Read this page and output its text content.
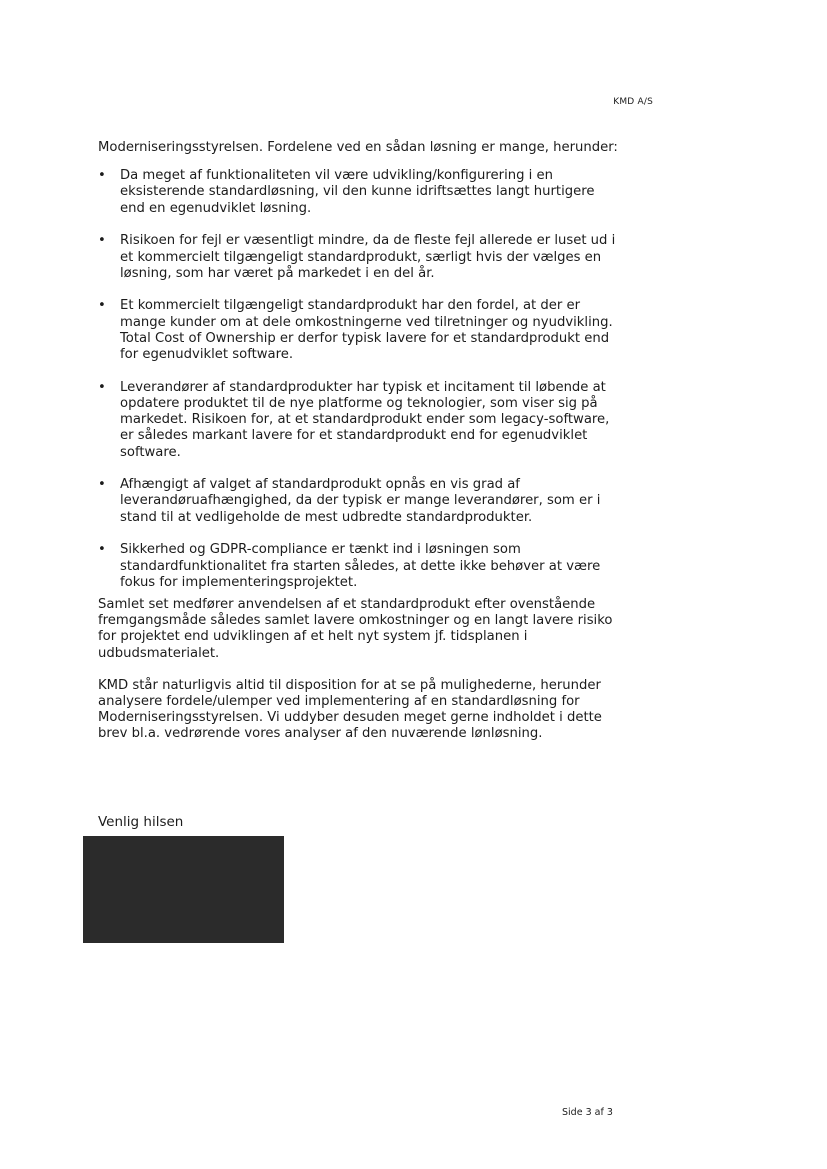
KMD A/S

Moderniseringsstyrelsen. Fordelene ved en sådan løsning er mange, herunder:

• Da meget af funktionaliteten vil være udvikling/konfigurering i en eksisterende standardløsning, vil den kunne idriftsættes langt hurtigere end en egenudviklet løsning.
• Risikoen for fejl er væsentligt mindre, da de fleste fejl allerede er luset ud i et kommercielt tilgængeligt standardprodukt, særligt hvis der vælges en løsning, som har været på markedet i en del år.
• Et kommercielt tilgængeligt standardprodukt har den fordel, at der er mange kunder om at dele omkostningerne ved tilretninger og nyudvikling. Total Cost of Ownership er derfor typisk lavere for et standardprodukt end for egenudviklet software.
• Leverandører af standardprodukter har typisk et incitament til løbende at opdatere produktet til de nye platforme og teknologier, som viser sig på markedet. Risikoen for, at et standardprodukt ender som legacy-software, er således markant lavere for et standardprodukt end for egenudviklet software.
• Afhængigt af valget af standardprodukt opnås en vis grad af leverandøruafhængighed, da der typisk er mange leverandører, som er i stand til at vedligeholde de mest udbredte standardprodukter.
• Sikkerhed og GDPR-compliance er tænkt ind i løsningen som standardfunktionalitet fra starten således, at dette ikke behøver at være fokus for implementeringsprojektet.

Samlet set medfører anvendelsen af et standardprodukt efter ovenstående fremgangsmåde således samlet lavere omkostninger og en langt lavere risiko for projektet end udviklingen af et helt nyt system jf. tidsplanen i udbudsmaterialet.

KMD står naturligvis altid til disposition for at se på mulighederne, herunder analysere fordele/ulemper ved implementering af en standardløsning for Moderniseringsstyrelsen. Vi uddyber desuden meget gerne indholdet i dette brev bl.a. vedrørende vores analyser af den nuværende lønløsning.

Venlig hilsen
Side 3 af 3
